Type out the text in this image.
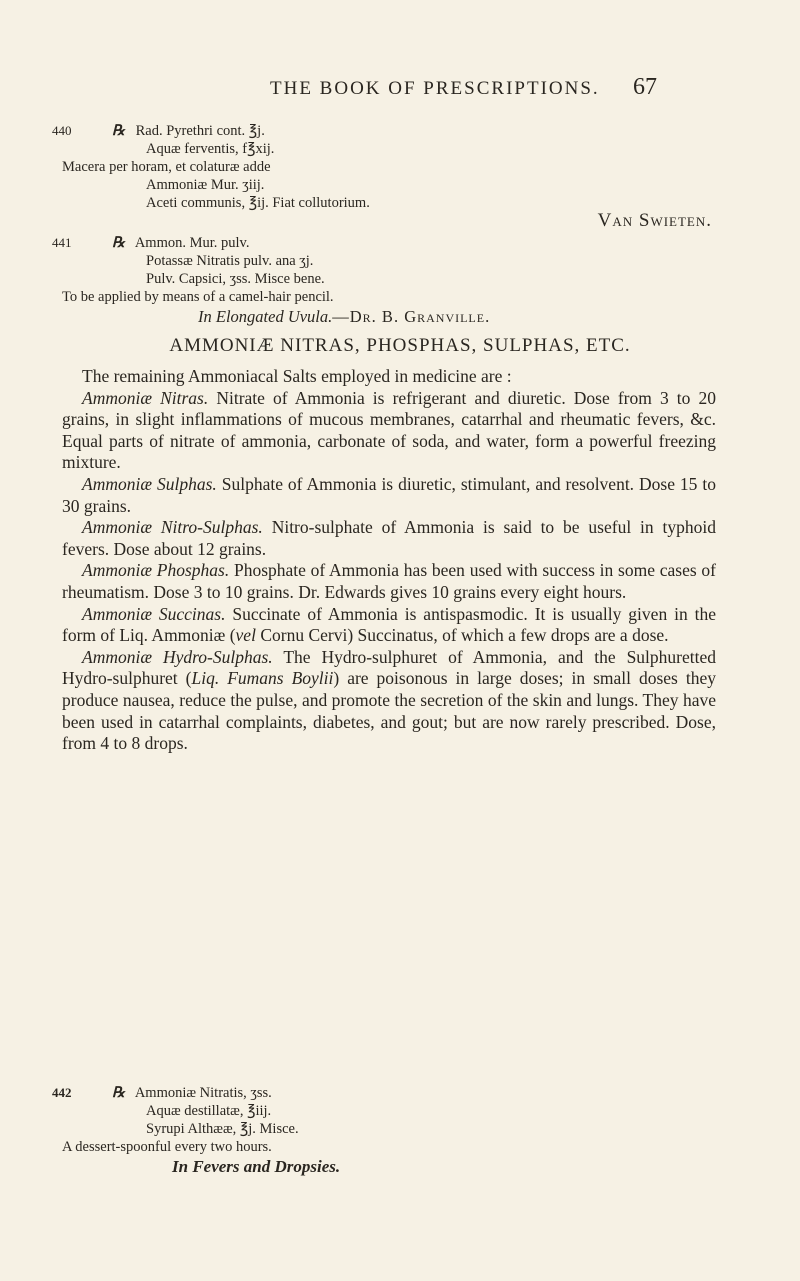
THE BOOK OF PRESCRIPTIONS. 67
440	℞ Rad. Pyrethri cont. ℥j.
Aquæ ferventis, f℥xij.
Macera per horam, et colaturæ adde
Ammoniæ Mur. ʒiij.
Aceti communis, ℥ij. Fiat collutorium.
Van Swieten.
441	℞ Ammon. Mur. pulv.
Potassæ Nitratis pulv. ana ʒj.
Pulv. Capsici, ʒss. Misce bene.
To be applied by means of a camel-hair pencil.
In Elongated Uvula.—Dr. B. Granville.
AMMONIÆ NITRAS, PHOSPHAS, SULPHAS, ETC.

The remaining Ammoniacal Salts employed in medicine are :

Ammoniæ Nitras. Nitrate of Ammonia is refrigerant and diuretic. Dose from 3 to 20 grains, in slight inflammations of mucous membranes, catarrhal and rheumatic fevers, &c. Equal parts of nitrate of ammonia, carbonate of soda, and water, form a powerful freezing mixture.

Ammoniæ Sulphas. Sulphate of Ammonia is diuretic, stimulant, and resolvent. Dose 15 to 30 grains.

Ammoniæ Nitro-Sulphas. Nitro-sulphate of Ammonia is said to be useful in typhoid fevers. Dose about 12 grains.

Ammoniæ Phosphas. Phosphate of Ammonia has been used with success in some cases of rheumatism. Dose 3 to 10 grains. Dr. Edwards gives 10 grains every eight hours.

Ammoniæ Succinas. Succinate of Ammonia is antispasmodic. It is usually given in the form of Liq. Ammoniæ (vel Cornu Cervi) Succinatus, of which a few drops are a dose.

Ammoniæ Hydro-Sulphas. The Hydro-sulphuret of Ammonia, and the Sulphuretted Hydro-sulphuret (Liq. Fumans Boylii) are poisonous in large doses; in small doses they produce nausea, reduce the pulse, and promote the secretion of the skin and lungs. They have been used in catarrhal complaints, diabetes, and gout; but are now rarely prescribed. Dose, from 4 to 8 drops.

442	℞ Ammoniæ Nitratis, ʒss.
Aquæ destillatæ, ℥iij.
Syrupi Althææ, ℥j. Misce.
A dessert-spoonful every two hours.
In Fevers and Dropsies.
